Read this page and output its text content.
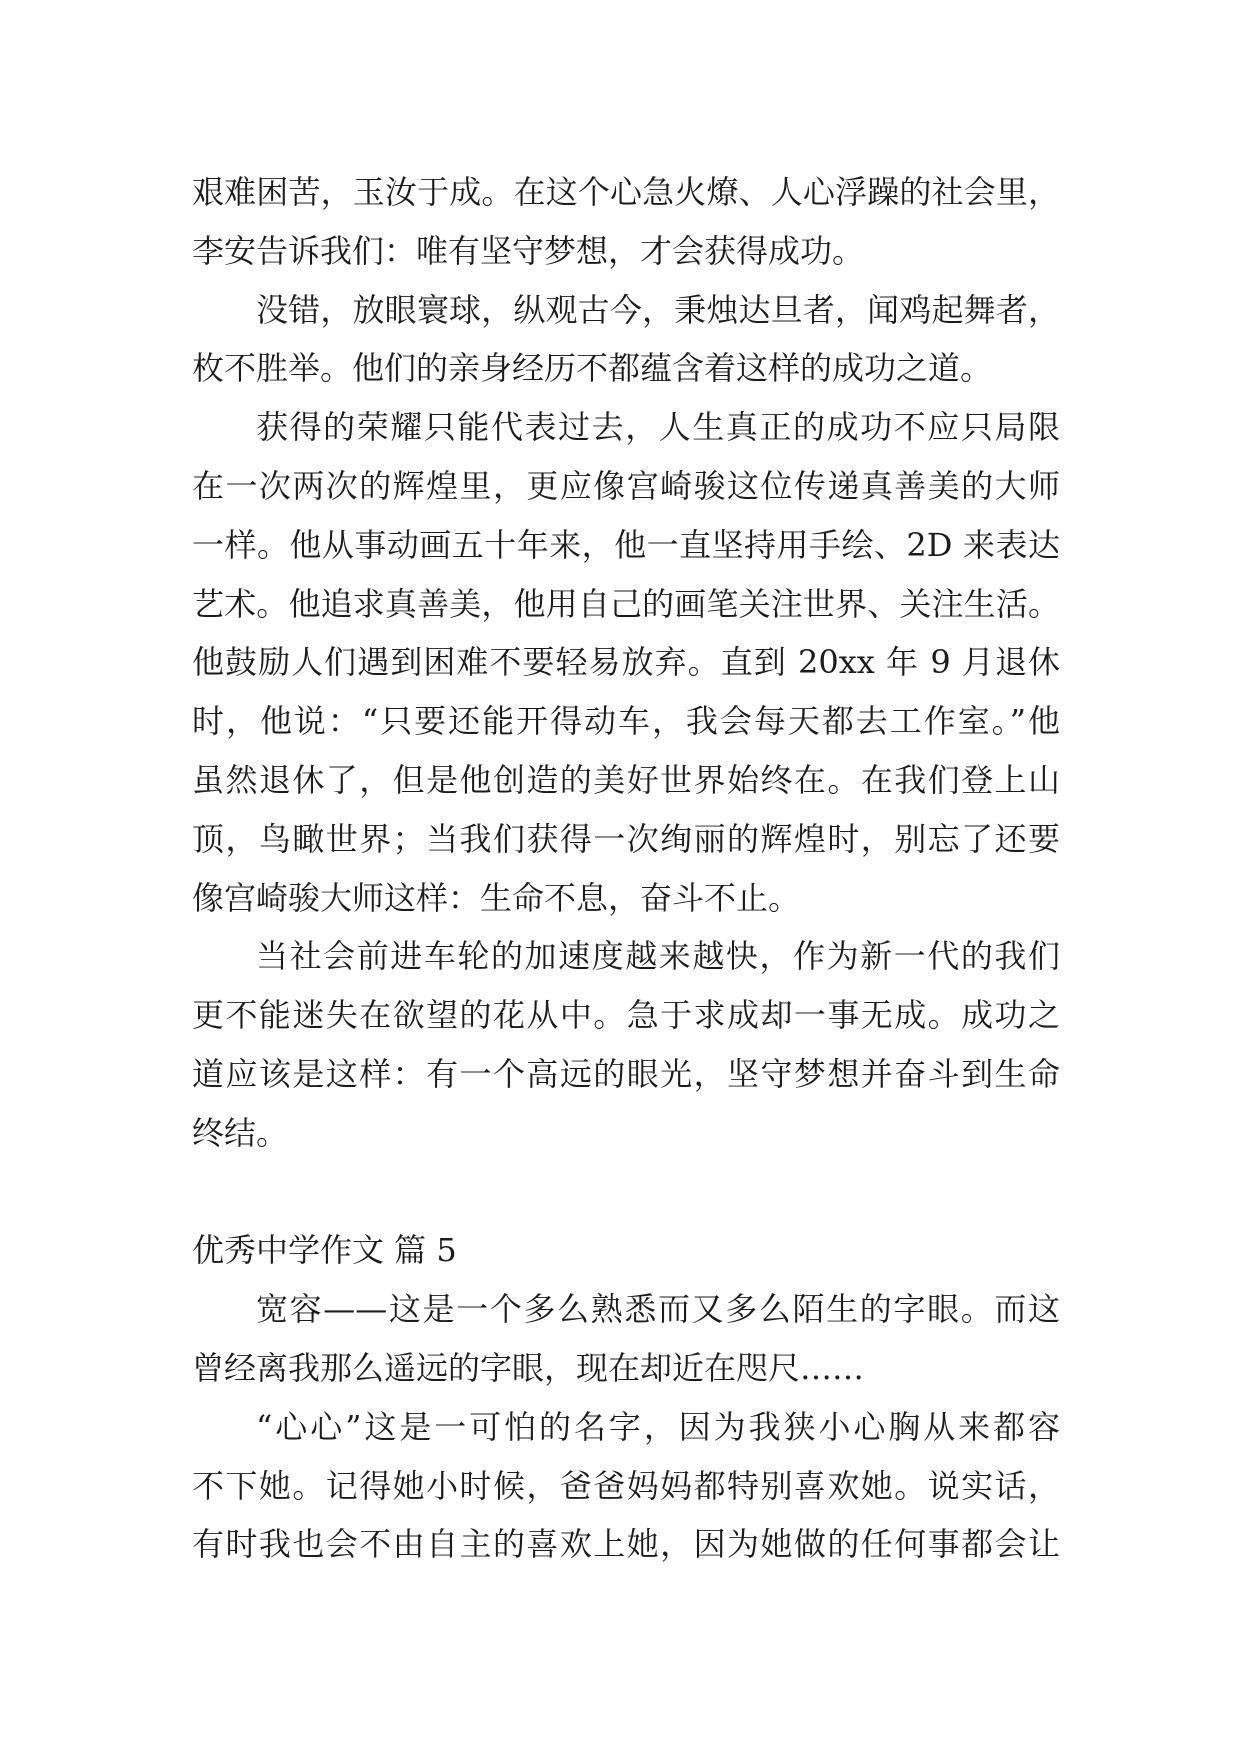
艰难困苦，玉汝于成。在这个心急火燎、人心浮躁的社会里，
李安告诉我们：唯有坚守梦想，才会获得成功。
没错，放眼寰球，纵观古今，秉烛达旦者，闻鸡起舞者，
枚不胜举。他们的亲身经历不都蕴含着这样的成功之道。
获得的荣耀只能代表过去，人生真正的成功不应只局限
在一次两次的辉煌里，更应像宫崎骏这位传递真善美的大师
一样。他从事动画五十年来，他一直坚持用手绘、2D 来表达
艺术。他追求真善美，他用自己的画笔关注世界、关注生活。
他鼓励人们遇到困难不要轻易放弃。直到 20xx 年 9 月退休
时，他说：“只要还能开得动车，我会每天都去工作室。”他
虽然退休了，但是他创造的美好世界始终在。在我们登上山
顶，鸟瞰世界；当我们获得一次绚丽的辉煌时，别忘了还要
像宫崎骏大师这样：生命不息，奋斗不止。
当社会前进车轮的加速度越来越快，作为新一代的我们
更不能迷失在欲望的花从中。急于求成却一事无成。成功之
道应该是这样：有一个高远的眼光，坚守梦想并奋斗到生命
终结。
优秀中学作文 篇 5
宽容——这是一个多么熟悉而又多么陌生的字眼。而这
曾经离我那么遥远的字眼，现在却近在咫尺……
“心心”这是一可怕的名字，因为我狭小心胸从来都容
不下她。记得她小时候，爸爸妈妈都特别喜欢她。说实话，
有时我也会不由自主的喜欢上她，因为她做的任何事都会让
